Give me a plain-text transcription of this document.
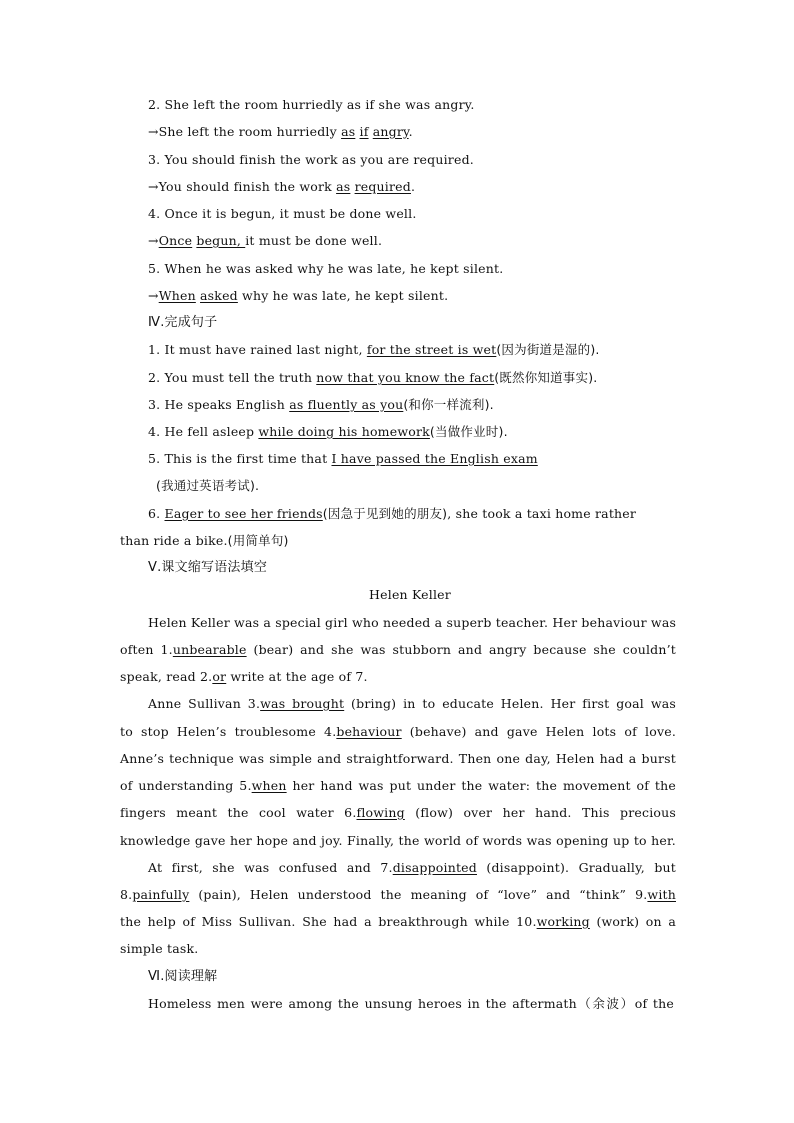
2. She left the room hurriedly as if she was angry.
→She left the room hurriedly as if angry.
3. You should finish the work as you are required.
→You should finish the work as required.
4. Once it is begun, it must be done well.
→Once begun, it must be done well.
5. When he was asked why he was late, he kept silent.
→When asked why he was late, he kept silent.
Ⅳ.完成句子
1. It must have rained last night, for the street is wet(因为街道是湿的).
2. You must tell the truth now that you know the fact(既然你知道事实).
3. He speaks English as fluently as you(和你一样流利).
4. He fell asleep while doing his homework(当做作业时).
5. This is the first time that I have passed the English exam
(我通过英语考试).
6. Eager to see her friends(因急于见到她的朋友), she took a taxi home rather
than ride a bike.(用简单句)
Ⅴ.课文缩写语法填空
Helen Keller
Helen Keller was a special girl who needed a superb teacher. Her behaviour was
often 1.unbearable (bear) and she was stubborn and angry because she couldn’t
speak, read 2.or write at the age of 7.
Anne Sullivan 3.was brought (bring) in to educate Helen. Her first goal was
to stop Helen’s troublesome 4.behaviour (behave) and gave Helen lots of love.
Anne’s technique was simple and straightforward. Then one day, Helen had a burst
of understanding 5.when her hand was put under the water: the movement of the
fingers meant the cool water 6.flowing (flow) over her hand. This precious
knowledge gave her hope and joy. Finally, the world of words was opening up to her.
At first, she was confused and 7.disappointed (disappoint). Gradually, but
8.painfully (pain), Helen understood the meaning of “love” and “think” 9.with
the help of Miss Sullivan. She had a breakthrough while 10.working (work) on a
simple task.
Ⅵ.阅读理解
Homeless men were among the unsung heroes in the aftermath（余波）of the
